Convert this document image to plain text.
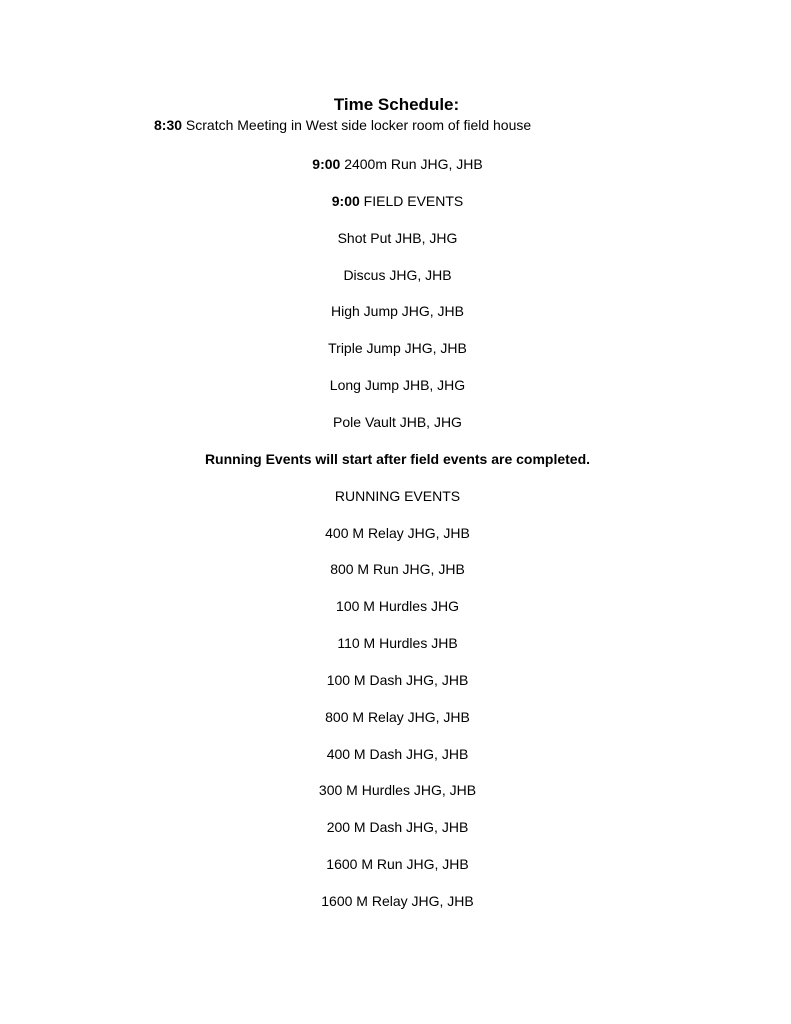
Time Schedule:
8:30 Scratch Meeting in West side locker room of field house
9:00 2400m Run JHG, JHB
9:00 FIELD EVENTS
Shot Put JHB, JHG
Discus JHG, JHB
High Jump JHG, JHB
Triple Jump JHG, JHB
Long Jump JHB, JHG
Pole Vault JHB, JHG
Running Events will start after field events are completed.
RUNNING EVENTS
400 M Relay JHG, JHB
800 M Run JHG, JHB
100 M Hurdles JHG
110 M Hurdles JHB
100 M Dash JHG, JHB
800 M Relay JHG, JHB
400 M Dash JHG, JHB
300 M Hurdles JHG, JHB
200 M Dash JHG, JHB
1600 M Run JHG, JHB
1600 M Relay JHG, JHB
